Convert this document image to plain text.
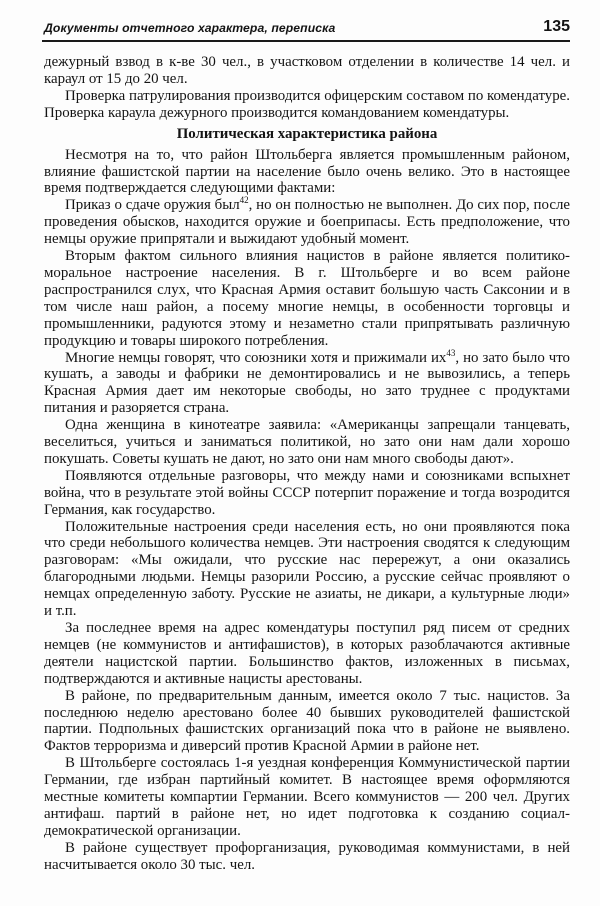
Документы отчетного характера, переписка	135

дежурный взвод в к-ве 30 чел., в участковом отделении в количестве 14 чел. и караул от 15 до 20 чел.

Проверка патрулирования производится офицерским составом по комендатуре. Проверка караула дежурного производится командованием комендатуры.

Политическая характеристика района

Несмотря на то, что район Штольберга является промышленным районом, влияние фашистской партии на население было очень велико. Это в настоящее время подтверждается следующими фактами:

Приказ о сдаче оружия был$^{42}$, но он полностью не выполнен. До сих пор, после проведения обысков, находится оружие и боеприпасы. Есть предположение, что немцы оружие припрятали и выжидают удобный момент.

Вторым фактом сильного влияния нацистов в районе является политико-моральное настроение населения. В г. Штольберге и во всем районе распространился слух, что Красная Армия оставит большую часть Саксонии и в том числе наш район, а посему многие немцы, в особенности торговцы и промышленники, радуются этому и незаметно стали припрятывать различную продукцию и товары широкого потребления.

Многие немцы говорят, что союзники хотя и прижимали $их^{43}$, но зато было что кушать, а заводы и фабрики не демонтировались и не вывозились, а теперь Красная Армия дает им некоторые свободы, но зато труднее с продуктами питания и разоряется страна.

Одна женщина в кинотеатре заявила: «Американцы запрещали танцевать, веселиться, учиться и заниматься политикой, но зато они нам дали хорошо покушать. Советы кушать не дают, но зато они нам много свободы дают».

Появляются отдельные разговоры, что между нами и союзниками вспыхнет война, что в результате этой войны СССР потерпит поражение и тогда возродится Германия, как государство.

Положительные настроения среди населения есть, но они проявляются пока что среди небольшого количества немцев. Эти настроения сводятся к следующим разговорам: «Мы ожидали, что русские нас перережут, а они оказались благородными людьми. Немцы разорили Россию, а русские сейчас проявляют о немцах определенную заботу. Русские не азиаты, не дикари, а культурные люди» и т.п.

За последнее время на адрес комендатуры поступил ряд писем от средних немцев (не коммунистов и антифашистов), в которых разоблачаются активные деятели нацистской партии. Большинство фактов, изложенных в письмах, подтверждаются и активные нацисты арестованы.

В районе, по предварительным данным, имеется около 7 тыс. нацистов. За последнюю неделю арестовано более 40 бывших руководителей фашистской партии. Подпольных фашистских организаций пока что в районе не выявлено. Фактов терроризма и диверсий против Красной Армии в районе нет.

В Штольберге состоялась 1-я уездная конференция Коммунистической партии Германии, где избран партийный комитет. В настоящее время оформляются местные комитеты компартии Германии. Всего коммунистов — 200 чел. Других антифаш. партий в районе нет, но идет подготовка к созданию социал-демократической организации.

В районе существует профорганизация, руководимая коммунистами, в ней насчитывается около 30 тыс. чел.
